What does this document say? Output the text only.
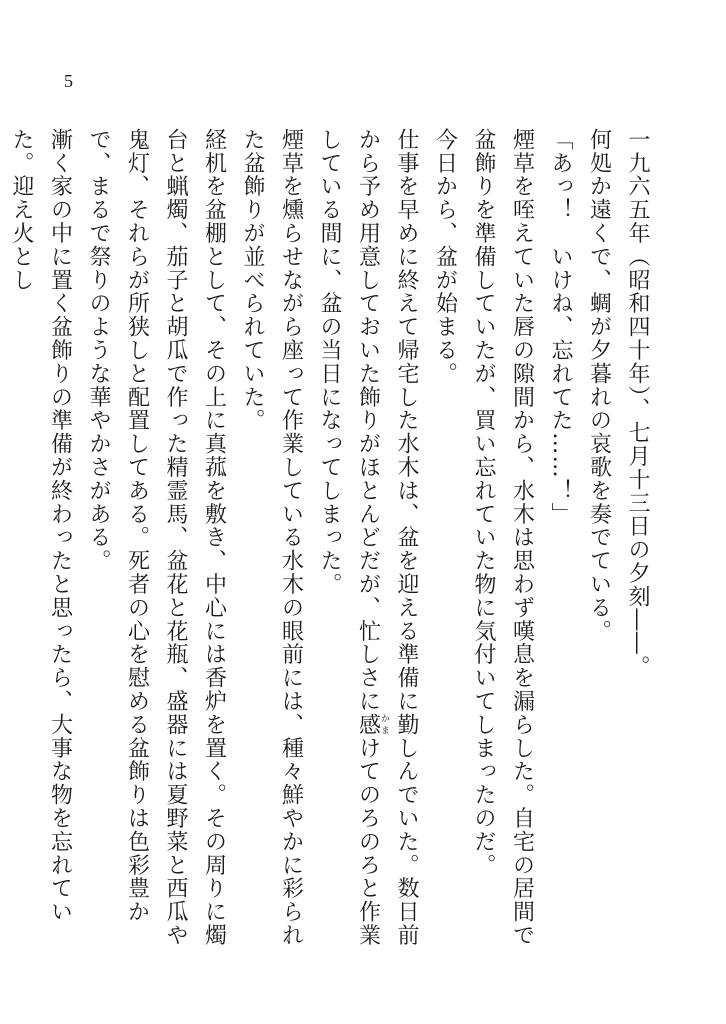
5

一九六五年（昭和四十年）、七月十三日の夕刻――。

何処か遠くで、蜩が夕暮れの哀歌を奏でている。

「あっ！　いけね、忘れてた……！」

煙草を咥えていた唇の隙間から、水木は思わず嘆息を漏らした。自宅の居間で盆飾りを準備していたが、買い忘れていた物に気付いてしまったのだ。

今日から、盆が始まる。

仕事を早めに終えて帰宅した水木は、盆を迎える準備に勤しんでいた。数日前から予め用意しておいた飾りがほとんどだが、忙しさに感かまけてのろのろと作業している間に、盆の当日になってしまった。

煙草を燻らせながら座って作業している水木の眼前には、種々鮮やかに彩られた盆飾りが並べられていた。

経机を盆棚として、その上に真菰を敷き、中心には香炉を置く。その周りに燭台と蝋燭、茄子と胡瓜で作った精霊馬、盆花と花瓶、盛器には夏野菜と西瓜や鬼灯、それらが所狭しと配置してある。死者の心を慰める盆飾りは色彩豊かで、まるで祭りのような華やかさがある。

漸く家の中に置く盆飾りの準備が終わったと思ったら、大事な物を忘れていた。迎え火とし
